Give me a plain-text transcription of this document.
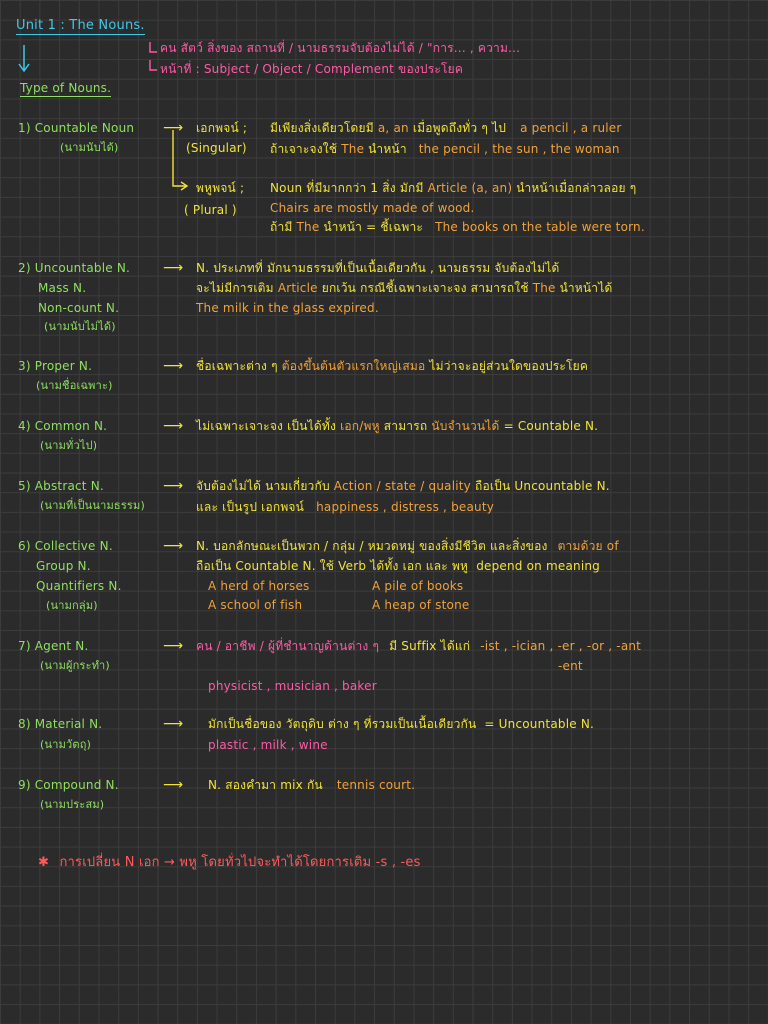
Unit 1 : The Nouns.
คน สัตว์ สิ่งของ สถานที่ / นามธรรมจับต้องไม่ได้ / "การ... , ความ...
หน้าที่ : Subject / Object / Complement ของประโยค
Type of Nouns.
1) Countable Noun
(นามนับได้)
⟶ เอกพจน์ ;
(Singular)
มีเพียงสิ่งเดียวโดยมี a, an เมื่อพูดถึงทั่ว ๆ ไป a pencil , a ruler
ถ้าเจาะจงใช้ The นำหน้า the pencil , the sun , the woman
พหูพจน์ ;
( Plural )
Noun ที่มีมากกว่า 1 สิ่ง มักมี Article (a, an) นำหน้าเมื่อกล่าวลอย ๆ
Chairs are mostly made of wood.
ถ้ามี The นำหน้า = ชี้เฉพาะ The books on the table were torn.
2) Uncountable N.
Mass N.
Non-count N.
(นามนับไม่ได้)
⟶ N. ประเภทที่ มักนามธรรมที่เป็นเนื้อเดียวกัน , นามธรรม จับต้องไม่ได้
จะไม่มีการเติม Article ยกเว้น กรณีชี้เฉพาะเจาะจง สามารถใช้ The นำหน้าได้
The milk in the glass expired.
3) Proper N.
(นามชื่อเฉพาะ)
⟶ ชื่อเฉพาะต่าง ๆ ต้องขึ้นต้นตัวแรกใหญ่เสมอ ไม่ว่าจะอยู่ส่วนใดของประโยค
4) Common N.
(นามทั่วไป)
⟶ ไม่เฉพาะเจาะจง เป็นได้ทั้ง เอก/พหู สามารถ นับจำนวนได้ = Countable N.
5) Abstract N.
(นามที่เป็นนามธรรม)
⟶ จับต้องไม่ได้ นามเกี่ยวกับ Action / state / quality ถือเป็น Uncountable N.
และ เป็นรูป เอกพจน์ happiness , distress , beauty
6) Collective N.
Group N.
Quantifiers N.
(นามกลุ่ม)
⟶ N. บอกลักษณะเป็นพวก / กลุ่ม / หมวดหมู่ ของสิ่งมีชีวิต และสิ่งของ ตามด้วย of
ถือเป็น Countable N. ใช้ Verb ได้ทั้ง เอก และ พหู depend on meaning
A herd of horses	A pile of books
A school of fish	A heap of stone
7) Agent N.
(นามผู้กระทำ)
⟶ คน / อาชีพ / ผู้ที่ชำนาญด้านต่าง ๆ มี Suffix ได้แก่ -ist , -ician , -er , -or , -ant
-ent
physicist , musician , baker
8) Material N.
(นามวัตถุ)
⟶ มักเป็นชื่อของ วัตถุดิบ ต่าง ๆ ที่รวมเป็นเนื้อเดียวกัน = Uncountable N.
plastic , milk , wine
9) Compound N.
(นามประสม)
⟶ N. สองคำมา mix กัน tennis court.
✱ การเปลี่ยน N เอก → พหู โดยทั่วไปจะทำได้โดยการเติม -s , -es
